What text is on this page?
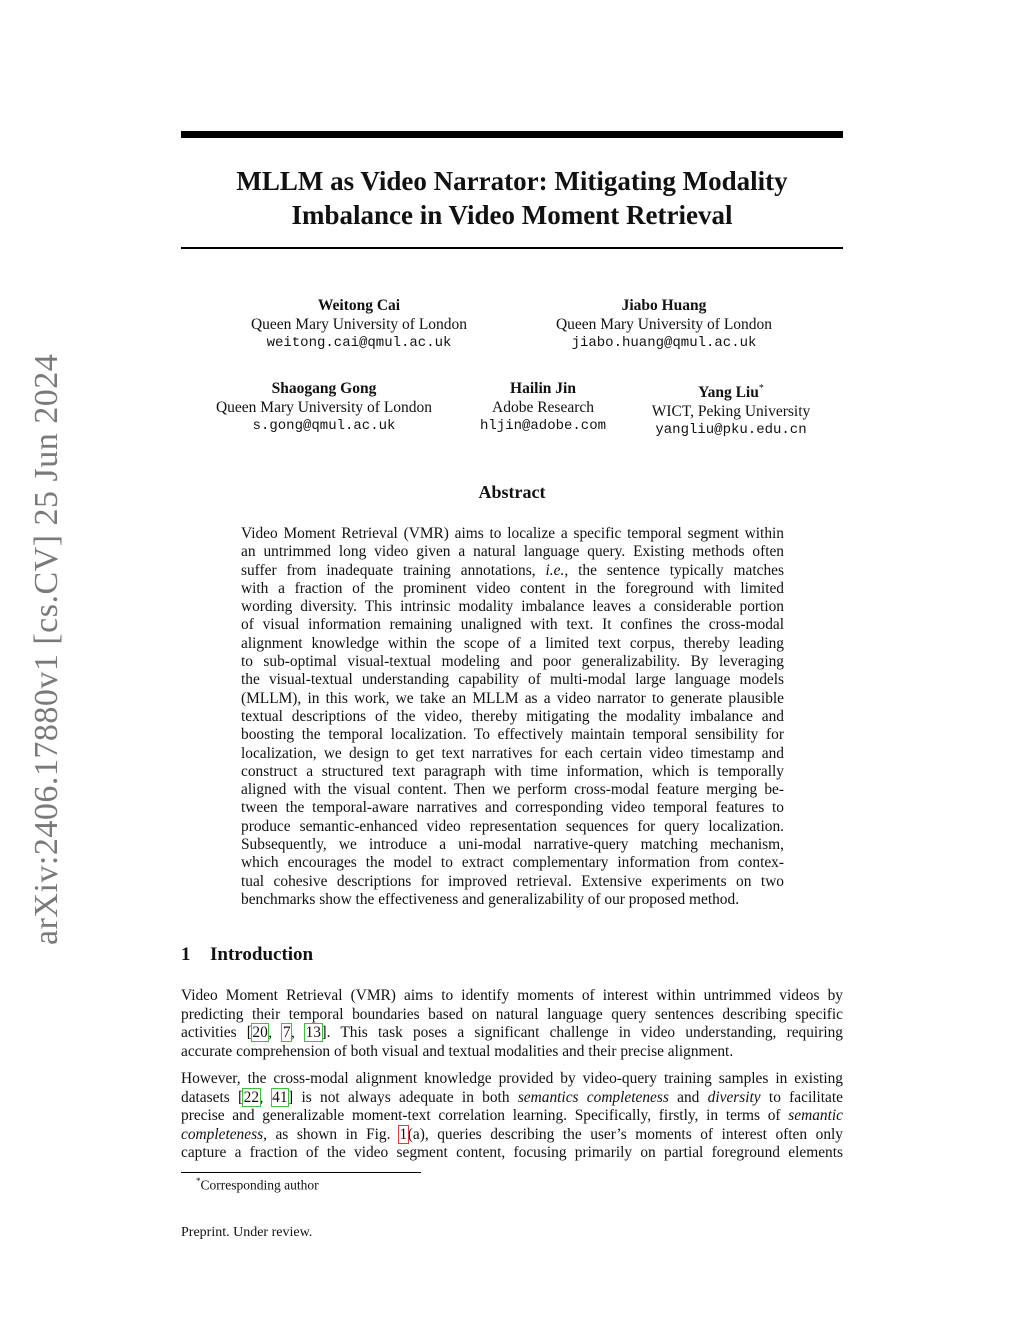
arXiv:2406.17880v1 [cs.CV] 25 Jun 2024
MLLM as Video Narrator: Mitigating Modality
Imbalance in Video Moment Retrieval
Weitong Cai
Queen Mary University of London
weitong.cai@qmul.ac.uk
Jiabo Huang
Queen Mary University of London
jiabo.huang@qmul.ac.uk
Shaogang Gong
Queen Mary University of London
s.gong@qmul.ac.uk
Hailin Jin
Adobe Research
hljin@adobe.com
Yang Liu*
WICT, Peking University
yangliu@pku.edu.cn
Abstract
Video Moment Retrieval (VMR) aims to localize a specific temporal segment within
an untrimmed long video given a natural language query. Existing methods often
suffer from inadequate training annotations, i.e., the sentence typically matches
with a fraction of the prominent video content in the foreground with limited
wording diversity. This intrinsic modality imbalance leaves a considerable portion
of visual information remaining unaligned with text. It confines the cross-modal
alignment knowledge within the scope of a limited text corpus, thereby leading
to sub-optimal visual-textual modeling and poor generalizability. By leveraging
the visual-textual understanding capability of multi-modal large language models
(MLLM), in this work, we take an MLLM as a video narrator to generate plausible
textual descriptions of the video, thereby mitigating the modality imbalance and
boosting the temporal localization. To effectively maintain temporal sensibility for
localization, we design to get text narratives for each certain video timestamp and
construct a structured text paragraph with time information, which is temporally
aligned with the visual content. Then we perform cross-modal feature merging be-
tween the temporal-aware narratives and corresponding video temporal features to
produce semantic-enhanced video representation sequences for query localization.
Subsequently, we introduce a uni-modal narrative-query matching mechanism,
which encourages the model to extract complementary information from contex-
tual cohesive descriptions for improved retrieval. Extensive experiments on two
benchmarks show the effectiveness and generalizability of our proposed method.
1 Introduction
Video Moment Retrieval (VMR) aims to identify moments of interest within untrimmed videos by
predicting their temporal boundaries based on natural language query sentences describing specific
activities [20, 7, 13]. This task poses a significant challenge in video understanding, requiring
accurate comprehension of both visual and textual modalities and their precise alignment.
However, the cross-modal alignment knowledge provided by video-query training samples in existing
datasets [22, 41] is not always adequate in both semantics completeness and diversity to facilitate
precise and generalizable moment-text correlation learning. Specifically, firstly, in terms of semantic
completeness, as shown in Fig. 1(a), queries describing the user’s moments of interest often only
capture a fraction of the video segment content, focusing primarily on partial foreground elements
*Corresponding author
Preprint. Under review.
